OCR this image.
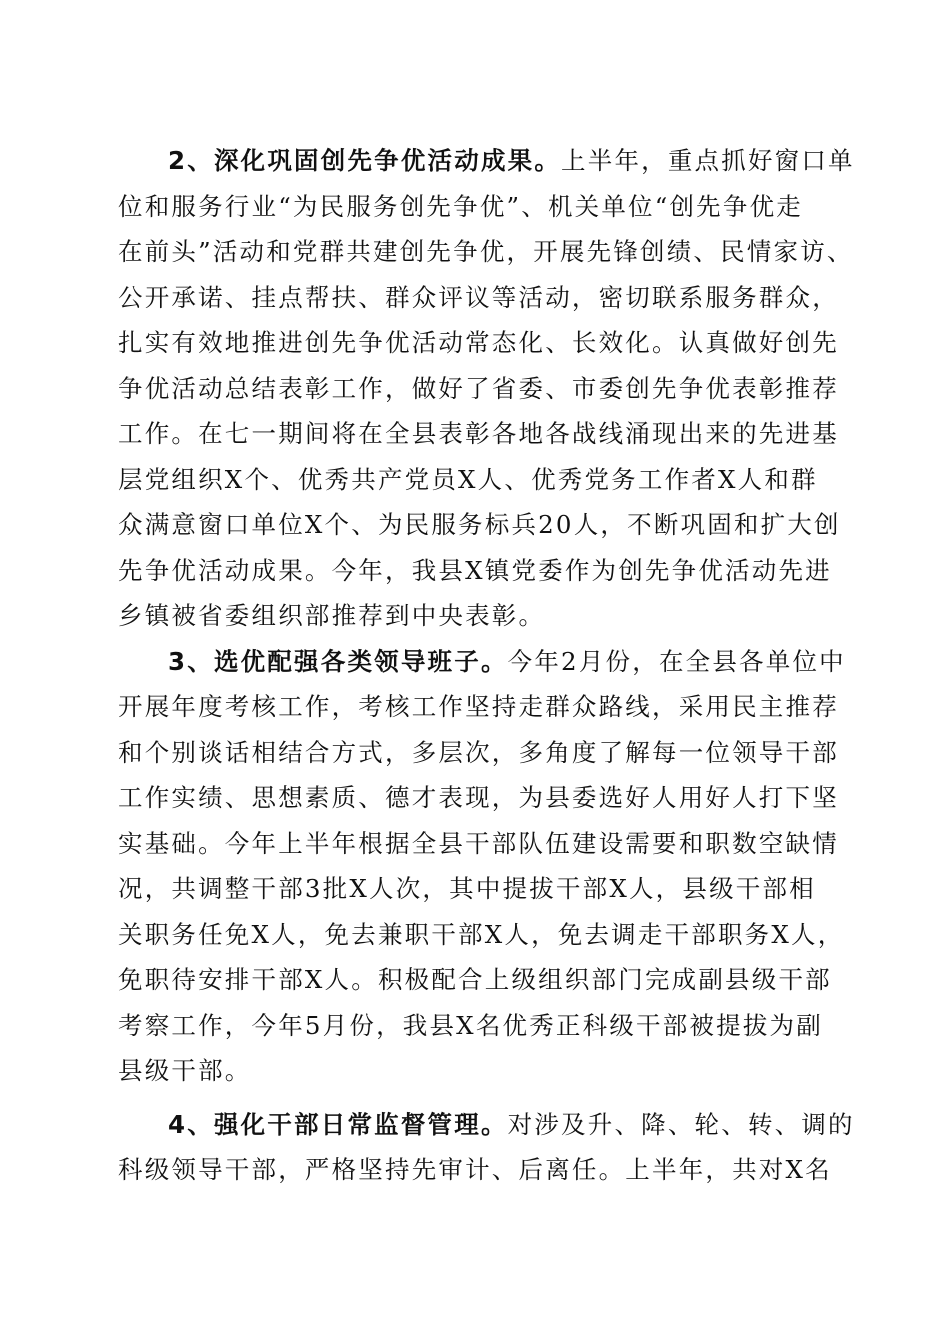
2、深化巩固创先争优活动成果。上半年，重点抓好窗口单
位和服务行业“为民服务创先争优”、机关单位“创先争优走
在前头”活动和党群共建创先争优，开展先锋创绩、民情家访、
公开承诺、挂点帮扶、群众评议等活动，密切联系服务群众，
扎实有效地推进创先争优活动常态化、长效化。认真做好创先
争优活动总结表彰工作，做好了省委、市委创先争优表彰推荐
工作。在七一期间将在全县表彰各地各战线涌现出来的先进基
层党组织X个、优秀共产党员X人、优秀党务工作者X人和群
众满意窗口单位X个、为民服务标兵20人，不断巩固和扩大创
先争优活动成果。今年，我县X镇党委作为创先争优活动先进
乡镇被省委组织部推荐到中央表彰。
3、选优配强各类领导班子。今年2月份，在全县各单位中
开展年度考核工作，考核工作坚持走群众路线，采用民主推荐
和个别谈话相结合方式，多层次，多角度了解每一位领导干部
工作实绩、思想素质、德才表现，为县委选好人用好人打下坚
实基础。今年上半年根据全县干部队伍建设需要和职数空缺情
况，共调整干部3批X人次，其中提拔干部X人，县级干部相
关职务任免X人，免去兼职干部X人，免去调走干部职务X人，
免职待安排干部X人。积极配合上级组织部门完成副县级干部
考察工作，今年5月份，我县X名优秀正科级干部被提拔为副
县级干部。
4、强化干部日常监督管理。对涉及升、降、轮、转、调的
科级领导干部，严格坚持先审计、后离任。上半年，共对X名
